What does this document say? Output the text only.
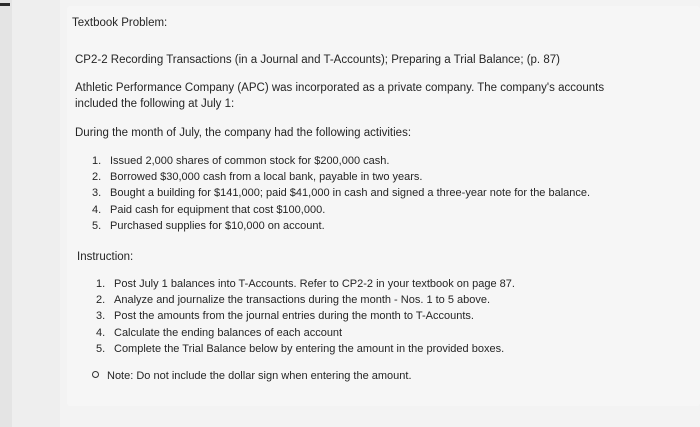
Textbook Problem:
CP2-2 Recording Transactions (in a Journal and T-Accounts); Preparing a Trial Balance; (p. 87)
Athletic Performance Company (APC) was incorporated as a private company. The company's accounts
included the following at July 1:
During the month of July, the company had the following activities:
1. Issued 2,000 shares of common stock for $200,000 cash.
2. Borrowed $30,000 cash from a local bank, payable in two years.
3. Bought a building for $141,000; paid $41,000 in cash and signed a three-year note for the balance.
4. Paid cash for equipment that cost $100,000.
5. Purchased supplies for $10,000 on account.
Instruction:
1. Post July 1 balances into T-Accounts. Refer to CP2-2 in your textbook on page 87.
2. Analyze and journalize the transactions during the month - Nos. 1 to 5 above.
3. Post the amounts from the journal entries during the month to T-Accounts.
4. Calculate the ending balances of each account
5. Complete the Trial Balance below by entering the amount in the provided boxes.
Note: Do not include the dollar sign when entering the amount.
